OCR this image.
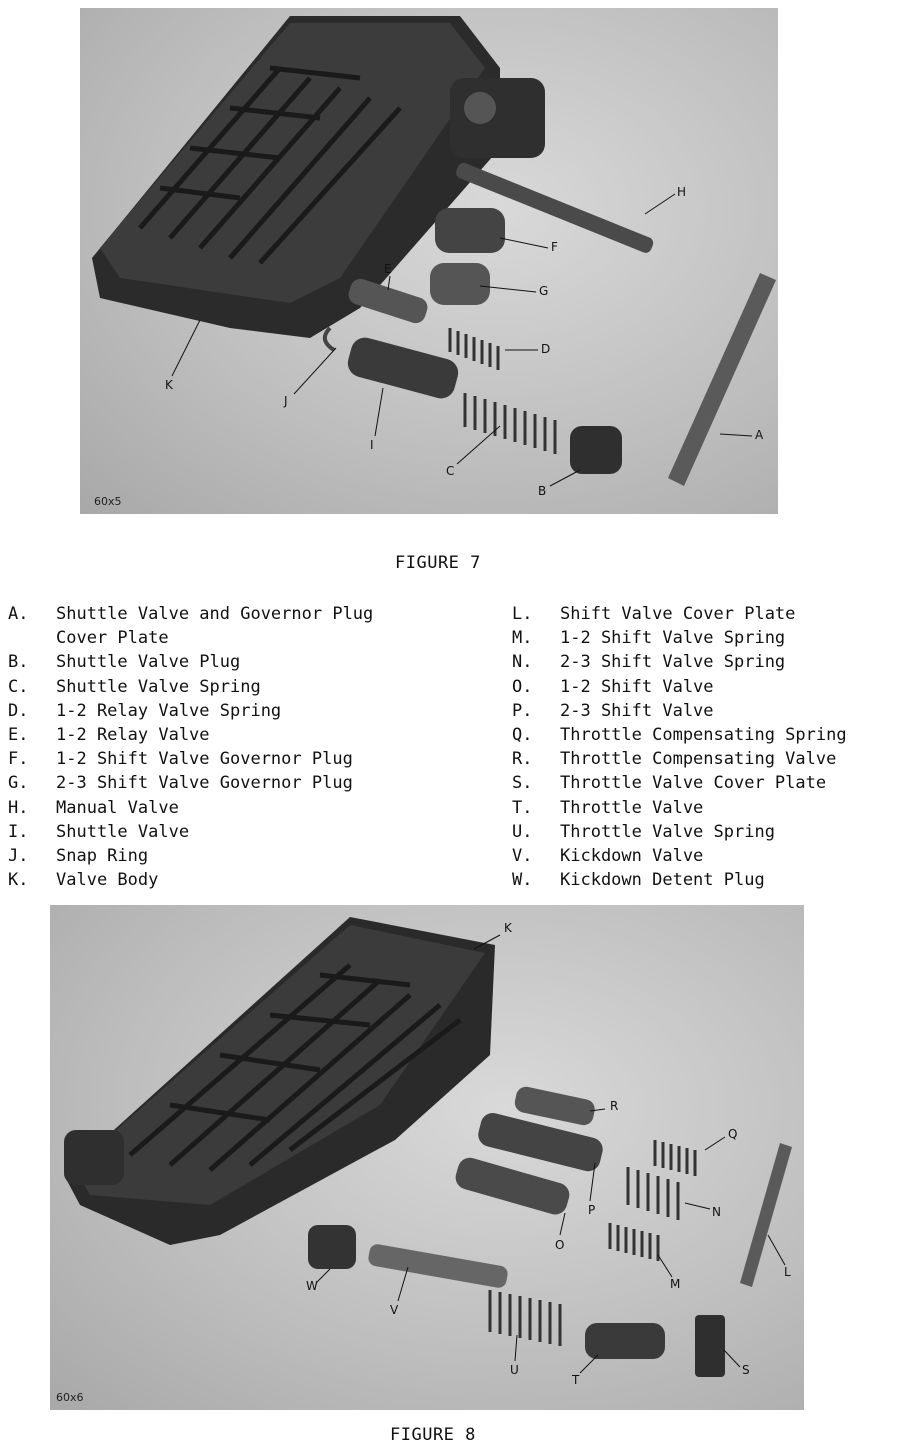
H
F
G
E
D
K
J
I
C
B
A
60x5
FIGURE 7
A.	Shuttle Valve and Governor Plug
Cover Plate
B.	Shuttle Valve Plug
C.	Shuttle Valve Spring
D.	1-2 Relay Valve Spring
E.	1-2 Relay Valve
F.	1-2 Shift Valve Governor Plug
G.	2-3 Shift Valve Governor Plug
H.	Manual Valve
I.	Shuttle Valve
J.	Snap Ring
K.	Valve Body
L.	Shift Valve Cover Plate
M.	1-2 Shift Valve Spring
N.	2-3 Shift Valve Spring
O.	1-2 Shift Valve
P.	2-3 Shift Valve
Q.	Throttle Compensating Spring
R.	Throttle Compensating Valve
S.	Throttle Valve Cover Plate
T.	Throttle Valve
U.	Throttle Valve Spring
V.	Kickdown Valve
W.	Kickdown Detent Plug
K
R
Q
P	N
O
L
M
W
V
U
T
S
60x6
FIGURE 8
